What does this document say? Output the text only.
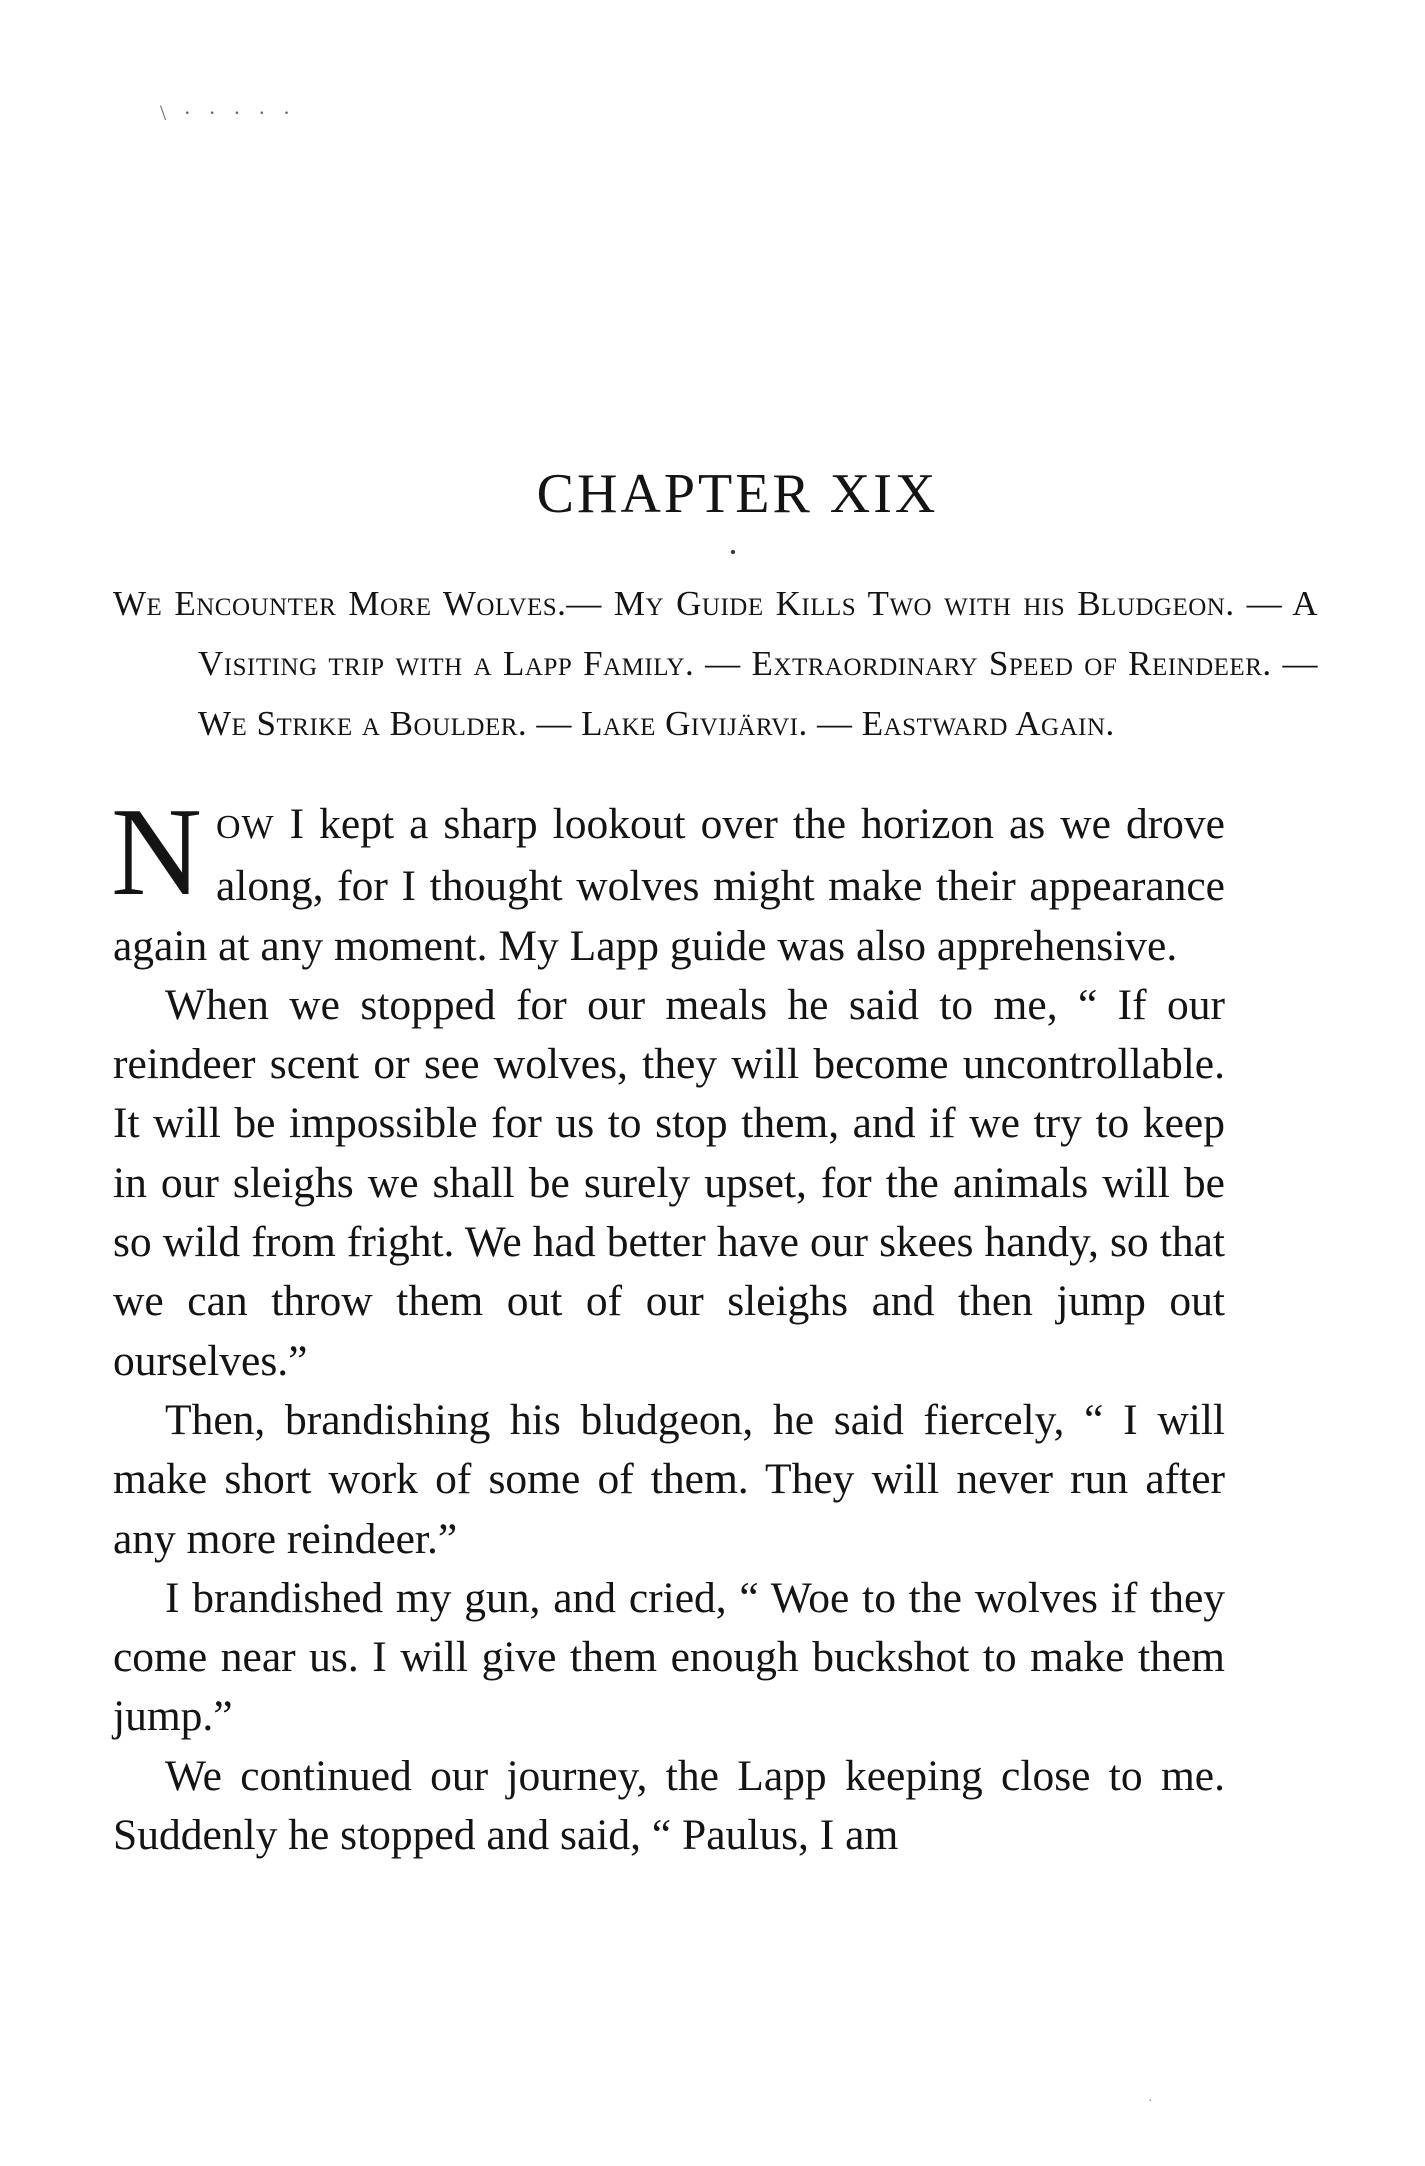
\ · · · · ·
CHAPTER XIX

We Encounter More Wolves.— My Guide Kills Two with his Bludgeon. — A Visiting trip with a Lapp Family. — Extraordinary Speed of Reindeer. — We Strike a Boulder. — Lake Givijärvi. — Eastward Again.

NOW I kept a sharp lookout over the horizon as we drove along, for I thought wolves might make their appearance again at any moment. My Lapp guide was also apprehensive.

When we stopped for our meals he said to me, “ If our reindeer scent or see wolves, they will become uncontrollable. It will be impossible for us to stop them, and if we try to keep in our sleighs we shall be surely upset, for the animals will be so wild from fright. We had better have our skees handy, so that we can throw them out of our sleighs and then jump out ourselves.”

Then, brandishing his bludgeon, he said fiercely, “ I will make short work of some of them. They will never run after any more reindeer.”

I brandished my gun, and cried, “ Woe to the wolves if they come near us. I will give them enough buckshot to make them jump.”

We continued our journey, the Lapp keeping close to me. Suddenly he stopped and said, “ Paulus, I am

·
